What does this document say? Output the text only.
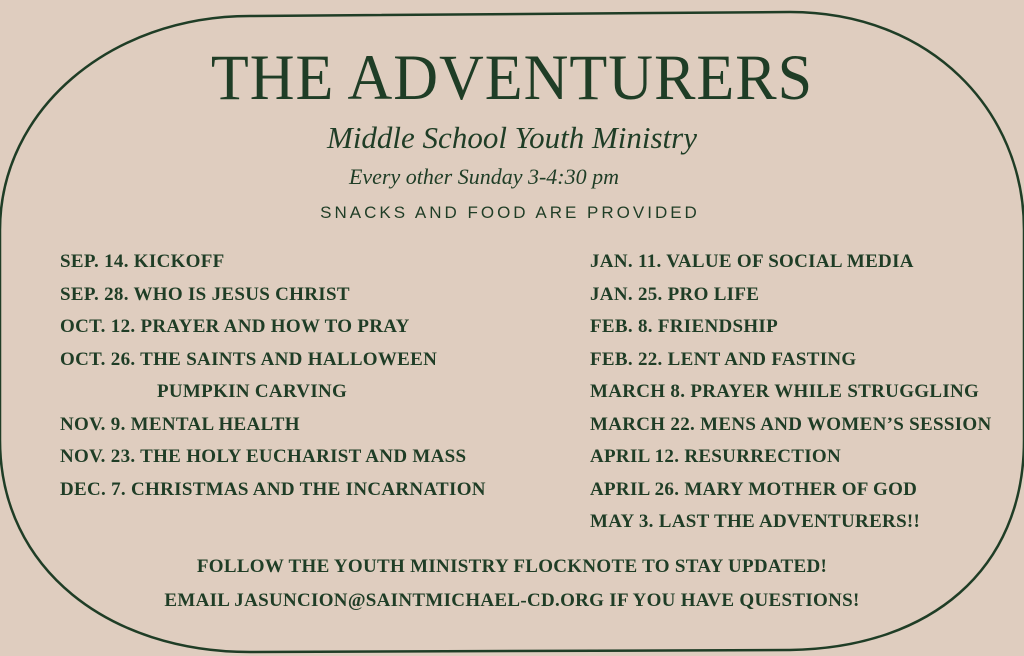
THE ADVENTURERS
Middle School Youth Ministry
Every other Sunday 3-4:30 pm
SNACKS AND FOOD ARE PROVIDED
SEP. 14. KICKOFF
SEP. 28. WHO IS JESUS CHRIST
OCT. 12. PRAYER AND HOW TO PRAY
OCT. 26. THE SAINTS AND HALLOWEEN
PUMPKIN CARVING
NOV. 9. MENTAL HEALTH
NOV. 23. THE HOLY EUCHARIST AND MASS
DEC. 7. CHRISTMAS AND THE INCARNATION
JAN. 11. VALUE OF SOCIAL MEDIA
JAN. 25. PRO LIFE
FEB. 8. FRIENDSHIP
FEB. 22. LENT AND FASTING
MARCH 8. PRAYER WHILE STRUGGLING
MARCH 22. MENS AND WOMEN’S SESSION
APRIL 12. RESURRECTION
APRIL 26. MARY MOTHER OF GOD
MAY 3. LAST THE ADVENTURERS!!
FOLLOW THE YOUTH MINISTRY FLOCKNOTE TO STAY UPDATED!
EMAIL JASUNCION@SAINTMICHAEL-CD.ORG IF YOU HAVE QUESTIONS!
